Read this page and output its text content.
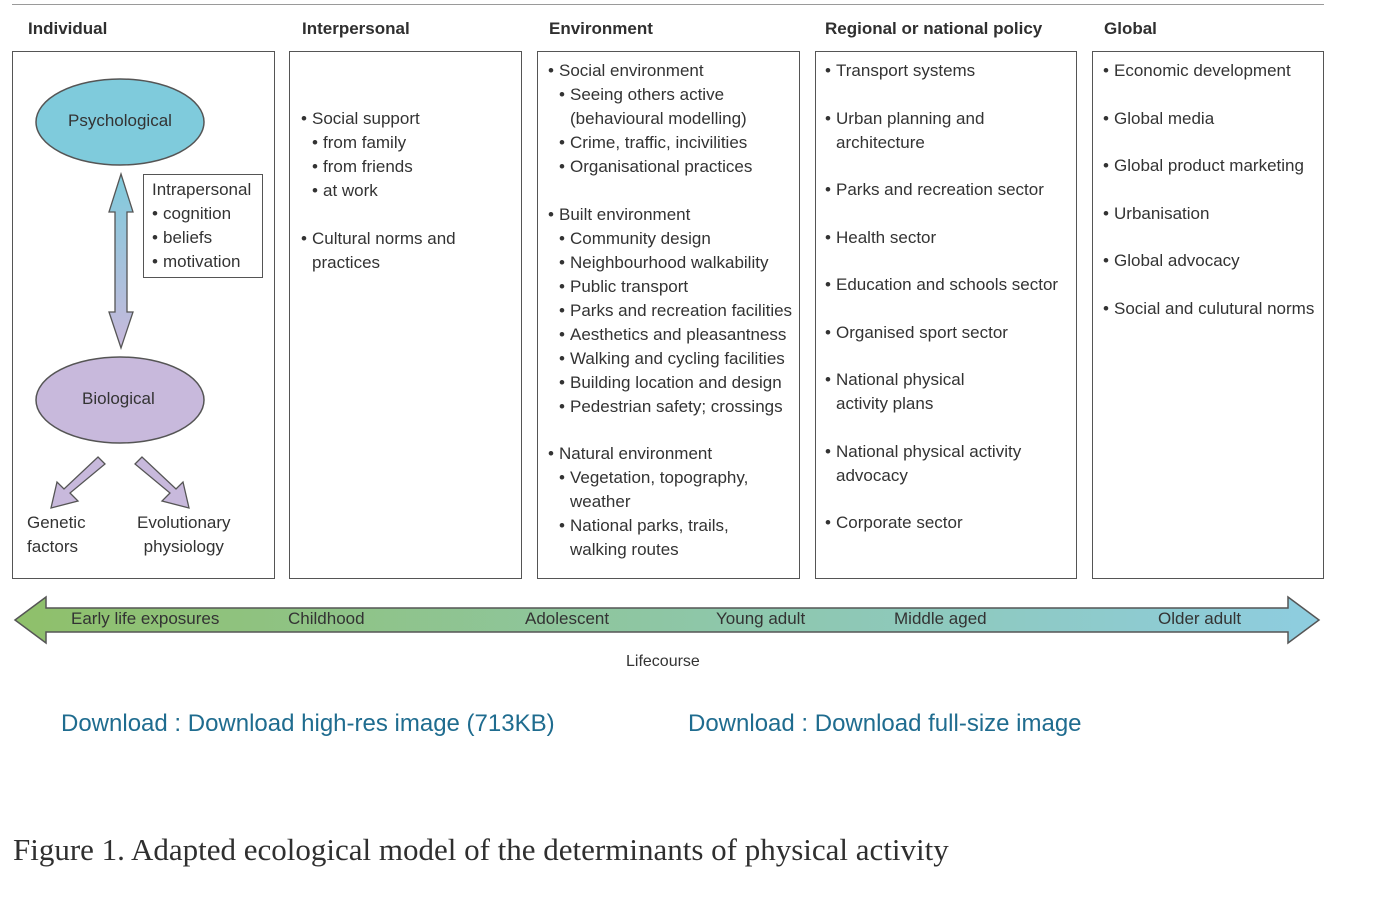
Individual	Interpersonal	Environment	Regional or national policy	Global
Psychological
Biological
Intrapersonal
• cognition
• beliefs
• motivation
Genetic
factors
Evolutionary
physiology
• Social support
• from family
• from friends
• at work
• Cultural norms and
practices
• Social environment
• Seeing others active
(behavioural modelling)
• Crime, traffic, incivilities
• Organisational practices
• Built environment
• Community design
• Neighbourhood walkability
• Public transport
• Parks and recreation facilities
• Aesthetics and pleasantness
• Walking and cycling facilities
• Building location and design
• Pedestrian safety; crossings
• Natural environment
• Vegetation, topography,
weather
• National parks, trails,
walking routes
• Transport systems
• Urban planning and
architecture
• Parks and recreation sector
• Health sector
• Education and schools sector
• Organised sport sector
• National physical
activity plans
• National physical activity
advocacy
• Corporate sector
• Economic development
• Global media
• Global product marketing
• Urbanisation
• Global advocacy
• Social and culutural norms
Early life exposures	Childhood	Adolescent	Young adult	Middle aged	Older adult
Lifecourse
Download : Download high-res image (713KB)	Download : Download full-size image
Figure 1. Adapted ecological model of the determinants of physical activity
